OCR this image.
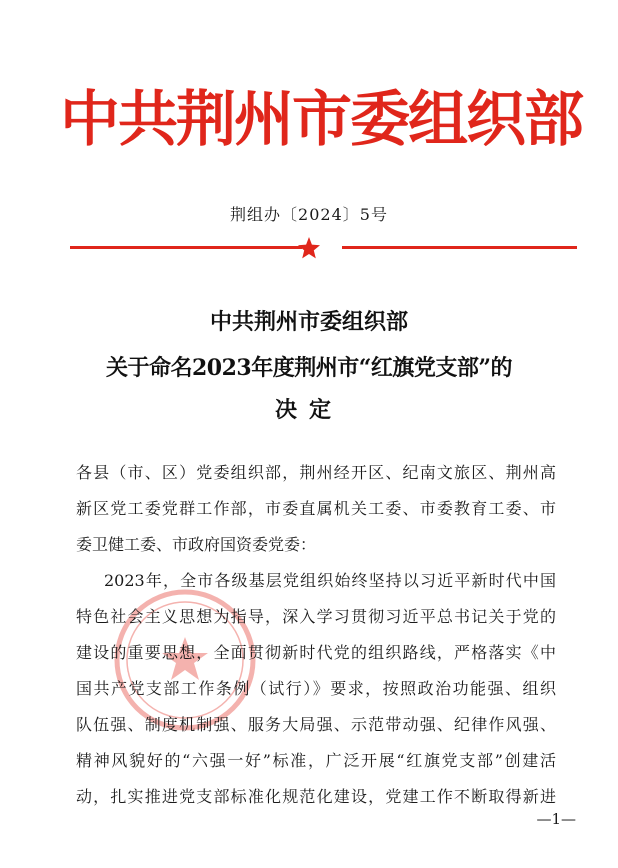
中共荆州市委组织部
荆组办〔2024〕5号
中共荆州市委组织部
关于命名2023年度荆州市“红旗党支部”的
决定
各县（市、区）党委组织部，荆州经开区、纪南文旅区、荆州高
新区党工委党群工作部，市委直属机关工委、市委教育工委、市
委卫健工委、市政府国资委党委：
2023年，全市各级基层党组织始终坚持以习近平新时代中国
特色社会主义思想为指导，深入学习贯彻习近平总书记关于党的
建设的重要思想，全面贯彻新时代党的组织路线，严格落实《中
国共产党支部工作条例（试行）》要求，按照政治功能强、组织
队伍强、制度机制强、服务大局强、示范带动强、纪律作风强、
精神风貌好的“六强一好”标准，广泛开展“红旗党支部”创建活
动，扎实推进党支部标准化规范化建设，党建工作不断取得新进
—1—
